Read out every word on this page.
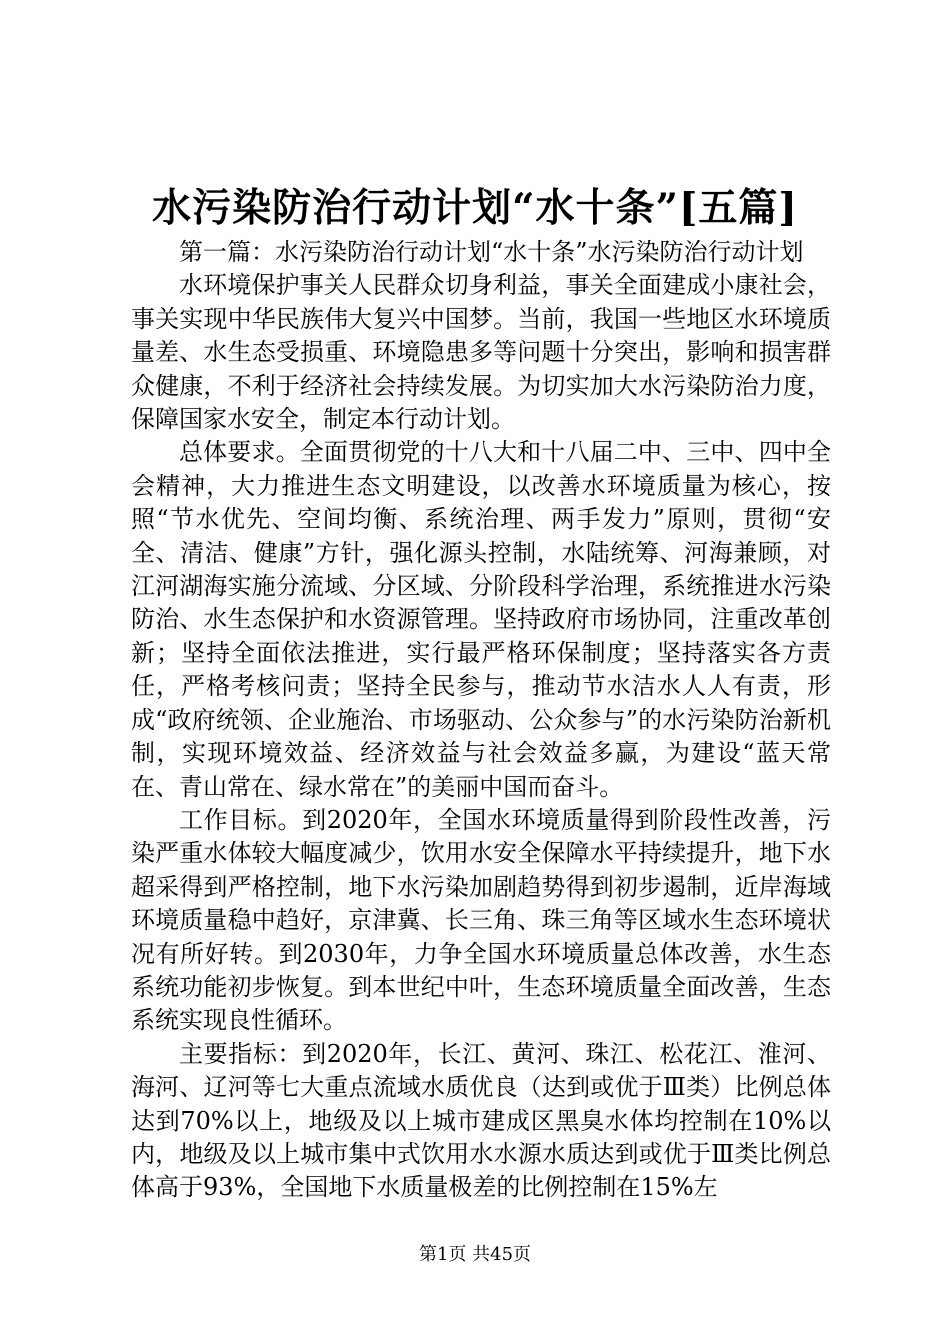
水污染防治行动计划“水十条”[五篇]

第一篇：水污染防治行动计划“水十条”水污染防治行动计划

水环境保护事关人民群众切身利益，事关全面建成小康社会，事关实现中华民族伟大复兴中国梦。当前，我国一些地区水环境质量差、水生态受损重、环境隐患多等问题十分突出，影响和损害群众健康，不利于经济社会持续发展。为切实加大水污染防治力度，保障国家水安全，制定本行动计划。

总体要求。全面贯彻党的十八大和十八届二中、三中、四中全会精神，大力推进生态文明建设，以改善水环境质量为核心，按照“节水优先、空间均衡、系统治理、两手发力”原则，贯彻“安全、清洁、健康”方针，强化源头控制，水陆统筹、河海兼顾，对江河湖海实施分流域、分区域、分阶段科学治理，系统推进水污染防治、水生态保护和水资源管理。坚持政府市场协同，注重改革创新；坚持全面依法推进，实行最严格环保制度；坚持落实各方责任，严格考核问责；坚持全民参与，推动节水洁水人人有责，形成“政府统领、企业施治、市场驱动、公众参与”的水污染防治新机制，实现环境效益、经济效益与社会效益多赢，为建设“蓝天常在、青山常在、绿水常在”的美丽中国而奋斗。

工作目标。到2020年，全国水环境质量得到阶段性改善，污染严重水体较大幅度减少，饮用水安全保障水平持续提升，地下水超采得到严格控制，地下水污染加剧趋势得到初步遏制，近岸海域环境质量稳中趋好，京津冀、长三角、珠三角等区域水生态环境状况有所好转。到2030年，力争全国水环境质量总体改善，水生态系统功能初步恢复。到本世纪中叶，生态环境质量全面改善，生态系统实现良性循环。

主要指标：到2020年，长江、黄河、珠江、松花江、淮河、海河、辽河等七大重点流域水质优良（达到或优于Ⅲ类）比例总体达到70%以上，地级及以上城市建成区黑臭水体均控制在10%以内，地级及以上城市集中式饮用水水源水质达到或优于Ⅲ类比例总体高于93%，全国地下水质量极差的比例控制在15%左

第1页 共45页
